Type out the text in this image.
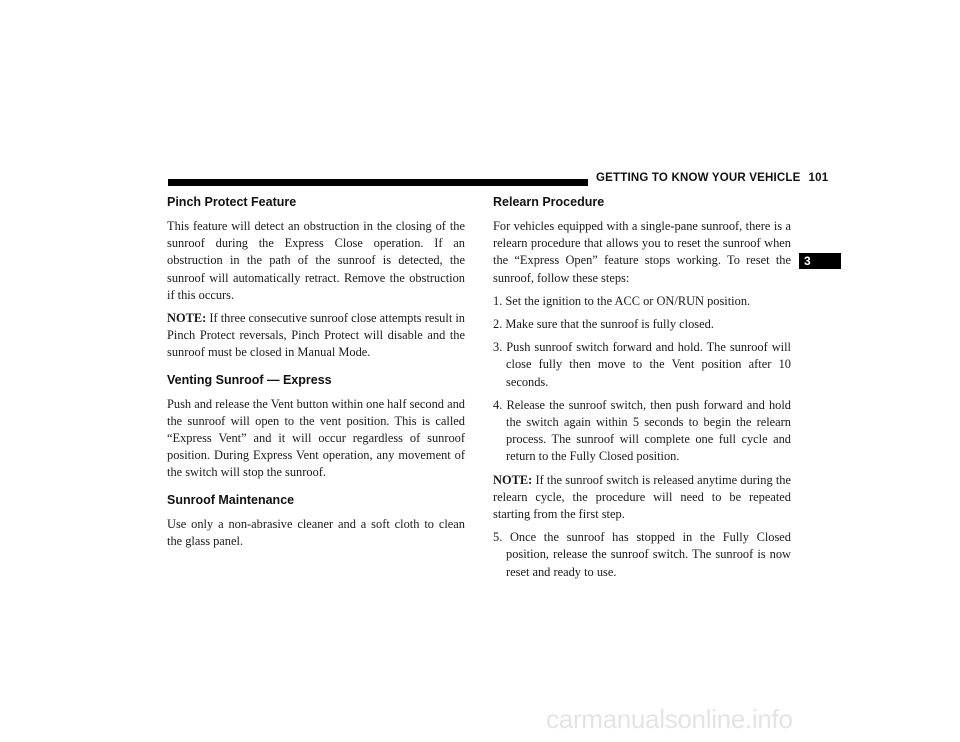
GETTING TO KNOW YOUR VEHICLE 101
3
Pinch Protect Feature

This feature will detect an obstruction in the closing of the sunroof during the Express Close operation. If an obstruction in the path of the sunroof is detected, the sunroof will automatically retract. Remove the obstruction if this occurs.

NOTE: If three consecutive sunroof close attempts result in Pinch Protect reversals, Pinch Protect will disable and the sunroof must be closed in Manual Mode.

Venting Sunroof — Express

Push and release the Vent button within one half second and the sunroof will open to the vent position. This is called “Express Vent” and it will occur regardless of sunroof position. During Express Vent operation, any movement of the switch will stop the sunroof.

Sunroof Maintenance

Use only a non-abrasive cleaner and a soft cloth to clean the glass panel.

Relearn Procedure

For vehicles equipped with a single-pane sunroof, there is a relearn procedure that allows you to reset the sunroof when the “Express Open” feature stops working. To reset the sunroof, follow these steps:

1. Set the ignition to the ACC or ON/RUN position.
2. Make sure that the sunroof is fully closed.
3. Push sunroof switch forward and hold. The sunroof will close fully then move to the Vent position after 10 seconds.
4. Release the sunroof switch, then push forward and hold the switch again within 5 seconds to begin the relearn process. The sunroof will complete one full cycle and return to the Fully Closed position.

NOTE: If the sunroof switch is released anytime during the relearn cycle, the procedure will need to be repeated starting from the first step.

5. Once the sunroof has stopped in the Fully Closed position, release the sunroof switch. The sunroof is now reset and ready to use.
carmanualsonline.info
